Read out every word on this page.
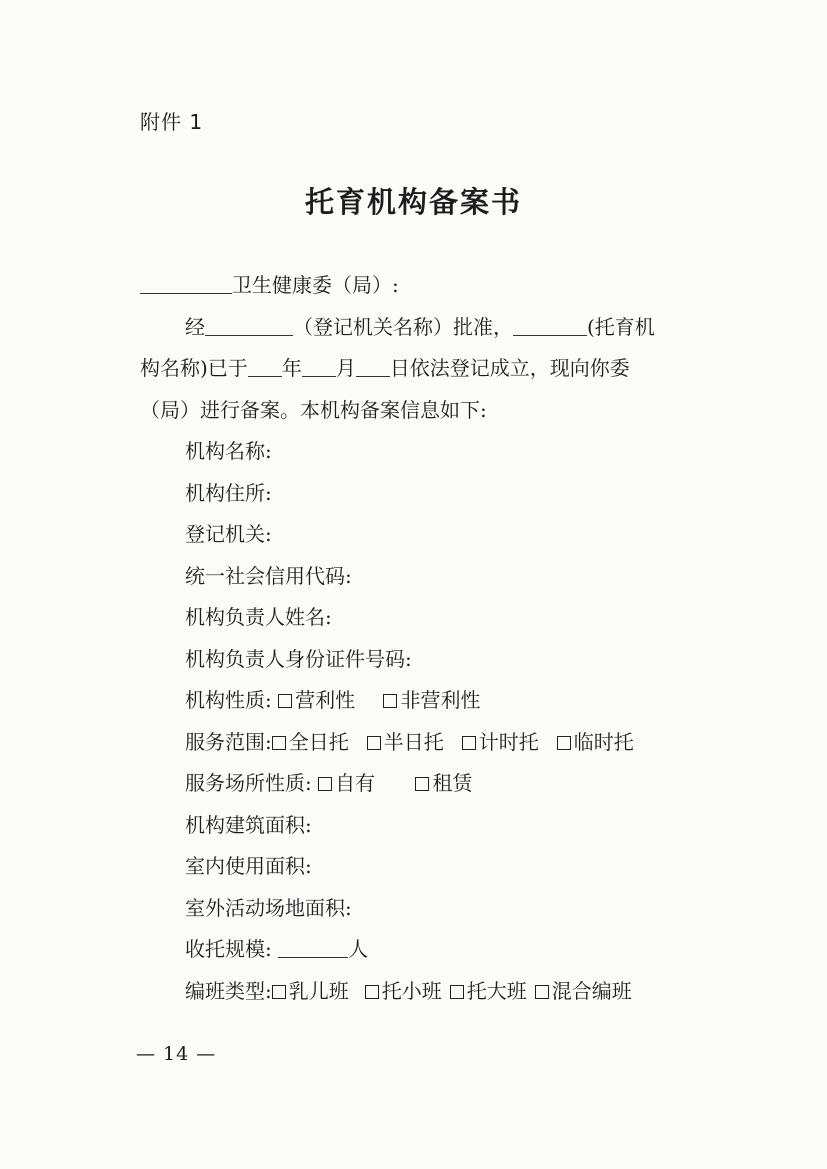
附件 1
托育机构备案书
卫生健康委（局）:
经	（登记机关名称）批准，	(托育机
构名称)已于 年 月 日依法登记成立，现向你委
（局）进行备案。本机构备案信息如下:
机构名称:
机构住所:
登记机关:
统一社会信用代码:
机构负责人姓名:
机构负责人身份证件号码:
机构性质: 营利性 非营利性
服务范围: 全日托 半日托 计时托 临时托
服务场所性质: 自有	租赁
机构建筑面积:
室内使用面积:
室外活动场地面积:
收托规模:	人
编班类型: 乳儿班 托小班 托大班 混合编班
— 14 —
